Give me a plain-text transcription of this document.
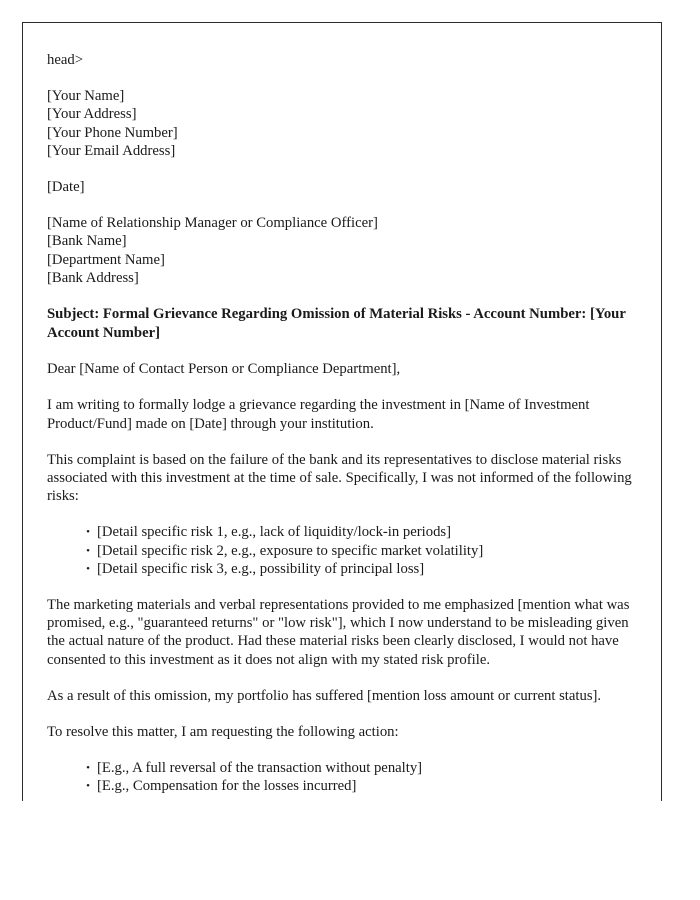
head>

[Your Name]
[Your Address]
[Your Phone Number]
[Your Email Address]
[Date]
[Name of Relationship Manager or Compliance Officer]
[Bank Name]
[Department Name]
[Bank Address]

Subject: Formal Grievance Regarding Omission of Material Risks - Account Number: [Your Account Number]

Dear [Name of Contact Person or Compliance Department],

I am writing to formally lodge a grievance regarding the investment in [Name of Investment Product/Fund] made on [Date] through your institution.

This complaint is based on the failure of the bank and its representatives to disclose material risks associated with this investment at the time of sale. Specifically, I was not informed of the following risks:

• [Detail specific risk 1, e.g., lack of liquidity/lock-in periods]
• [Detail specific risk 2, e.g., exposure to specific market volatility]
• [Detail specific risk 3, e.g., possibility of principal loss]

The marketing materials and verbal representations provided to me emphasized [mention what was promised, e.g., "guaranteed returns" or "low risk"], which I now understand to be misleading given the actual nature of the product. Had these material risks been clearly disclosed, I would not have consented to this investment as it does not align with my stated risk profile.

As a result of this omission, my portfolio has suffered [mention loss amount or current status].

To resolve this matter, I am requesting the following action:

• [E.g., A full reversal of the transaction without penalty]
• [E.g., Compensation for the losses incurred]
